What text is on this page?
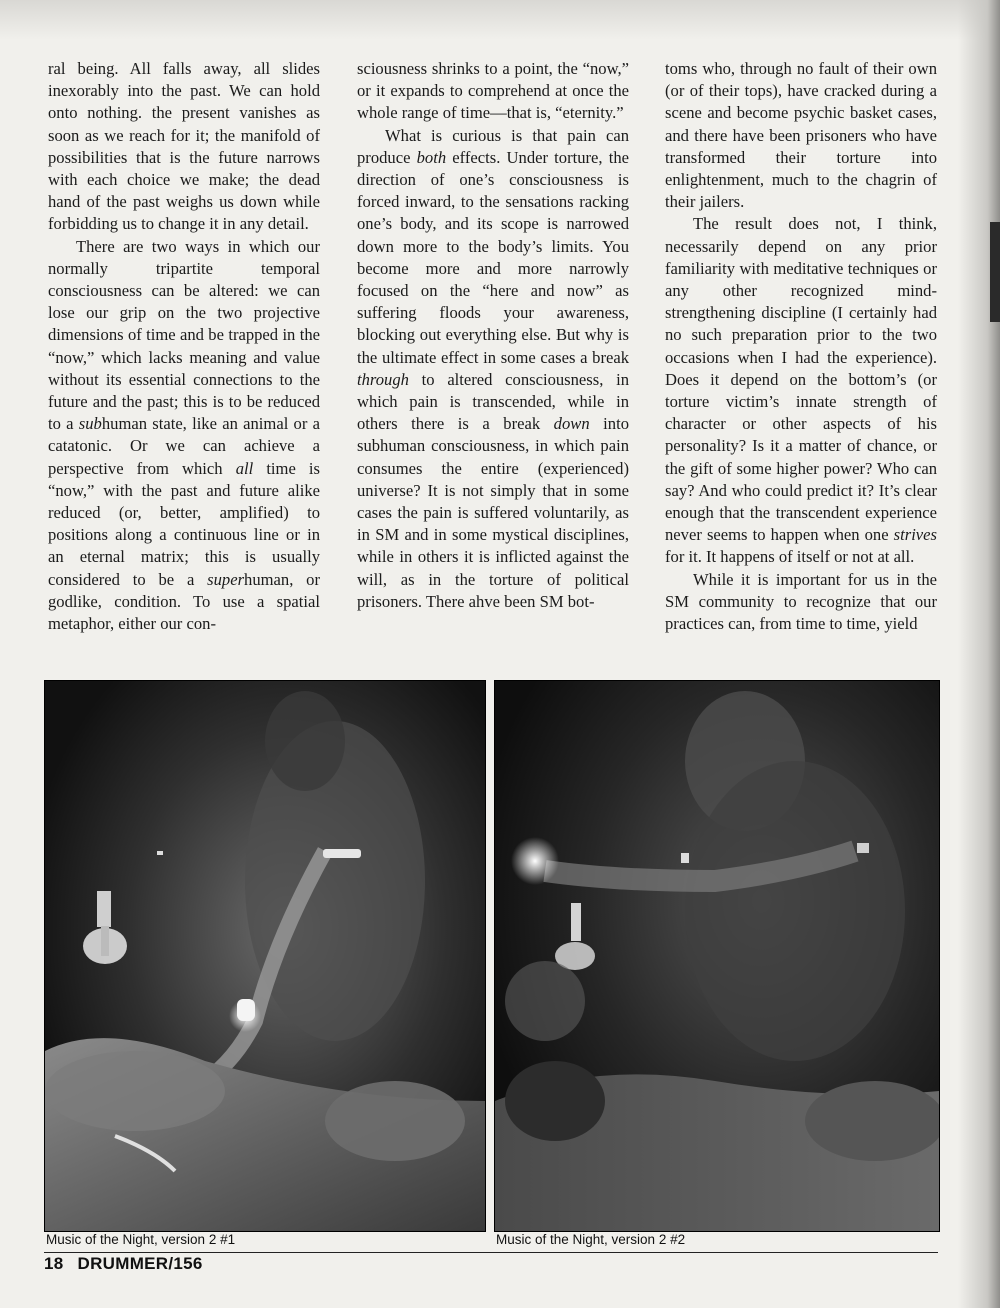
ral being. All falls away, all slides inexorably into the past. We can hold onto nothing. the present vanishes as soon as we reach for it; the manifold of possibilities that is the future narrows with each choice we make; the dead hand of the past weighs us down while forbidding us to change it in any detail.

There are two ways in which our normally tripartite temporal consciousness can be altered: we can lose our grip on the two projective dimensions of time and be trapped in the “now,” which lacks meaning and value without its essential connections to the future and the past; this is to be reduced to a subhuman state, like an animal or a catatonic. Or we can achieve a perspective from which all time is “now,” with the past and future alike reduced (or, better, amplified) to positions along a continuous line or in an eternal matrix; this is usually considered to be a superhuman, or godlike, condition. To use a spatial metaphor, either our con-

sciousness shrinks to a point, the “now,” or it expands to comprehend at once the whole range of time—that is, “eternity.”

What is curious is that pain can produce both effects. Under torture, the direction of one’s consciousness is forced inward, to the sensations racking one’s body, and its scope is narrowed down more to the body’s limits. You become more and more narrowly focused on the “here and now” as suffering floods your awareness, blocking out everything else. But why is the ultimate effect in some cases a break through to altered consciousness, in which pain is transcended, while in others there is a break down into subhuman consciousness, in which pain consumes the entire (experienced) universe? It is not simply that in some cases the pain is suffered voluntarily, as in SM and in some mystical disciplines, while in others it is inflicted against the will, as in the torture of political prisoners. There ahve been SM bot-

toms who, through no fault of their own (or of their tops), have cracked during a scene and become psychic basket cases, and there have been prisoners who have transformed their torture into enlightenment, much to the chagrin of their jailers.

The result does not, I think, necessarily depend on any prior familiarity with meditative techniques or any other recognized mind-strengthening discipline (I certainly had no such preparation prior to the two occasions when I had the experience). Does it depend on the bottom’s (or torture victim’s innate strength of character or other aspects of his personality? Is it a matter of chance, or the gift of some higher power? Who can say? And who could predict it? It’s clear enough that the transcendent experience never seems to happen when one strives for it. It happens of itself or not at all.

While it is important for us in the SM community to recognize that our practices can, from time to time, yield

Music of the Night, version 2 #1	Music of the Night, version 2 #2
18 DRUMMER/156
